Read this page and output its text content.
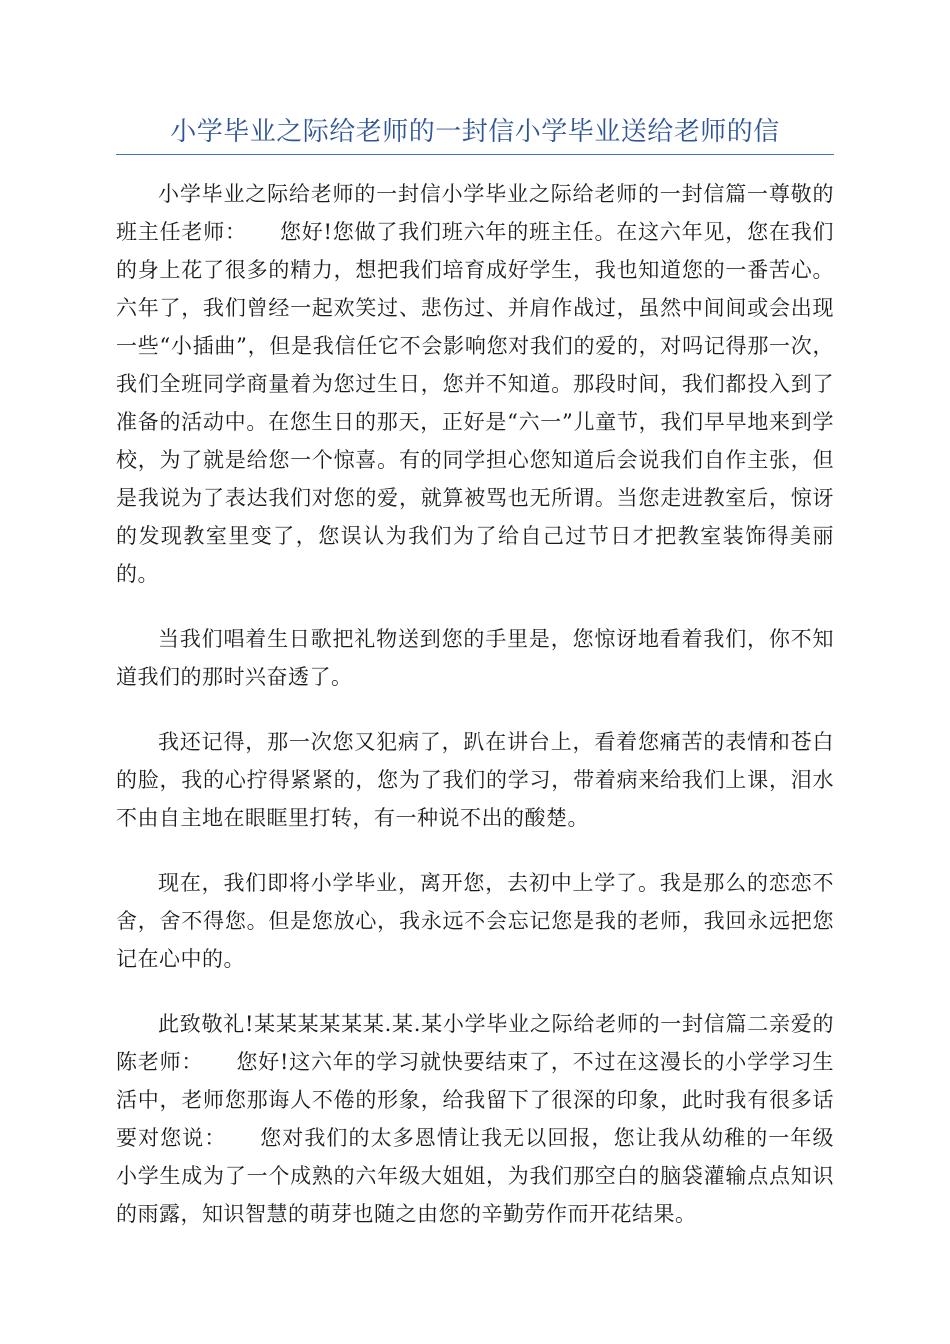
小学毕业之际给老师的一封信小学毕业送给老师的信

小学毕业之际给老师的一封信小学毕业之际给老师的一封信篇一尊敬的班主任老师：　　您好!您做了我们班六年的班主任。在这六年见，您在我们的身上花了很多的精力，想把我们培育成好学生，我也知道您的一番苦心。六年了，我们曾经一起欢笑过、悲伤过、并肩作战过，虽然中间间或会出现一些“小插曲”，但是我信任它不会影响您对我们的爱的，对吗记得那一次，我们全班同学商量着为您过生日，您并不知道。那段时间，我们都投入到了准备的活动中。在您生日的那天，正好是“六一”儿童节，我们早早地来到学校，为了就是给您一个惊喜。有的同学担心您知道后会说我们自作主张，但是我说为了表达我们对您的爱，就算被骂也无所谓。当您走进教室后，惊讶的发现教室里变了，您误认为我们为了给自己过节日才把教室装饰得美丽的。

当我们唱着生日歌把礼物送到您的手里是，您惊讶地看着我们，你不知道我们的那时兴奋透了。

我还记得，那一次您又犯病了，趴在讲台上，看着您痛苦的表情和苍白的脸，我的心拧得紧紧的，您为了我们的学习，带着病来给我们上课，泪水不由自主地在眼眶里打转，有一种说不出的酸楚。

现在，我们即将小学毕业，离开您，去初中上学了。我是那么的恋恋不舍，舍不得您。但是您放心，我永远不会忘记您是我的老师，我回永远把您记在心中的。

此致敬礼!某某某某某某.某.某小学毕业之际给老师的一封信篇二亲爱的陈老师：　　您好!这六年的学习就快要结束了，不过在这漫长的小学学习生活中，老师您那诲人不倦的形象，给我留下了很深的印象，此时我有很多话要对您说：　　您对我们的太多恩情让我无以回报，您让我从幼稚的一年级小学生成为了一个成熟的六年级大姐姐，为我们那空白的脑袋灌输点点知识的雨露，知识智慧的萌芽也随之由您的辛勤劳作而开花结果。
